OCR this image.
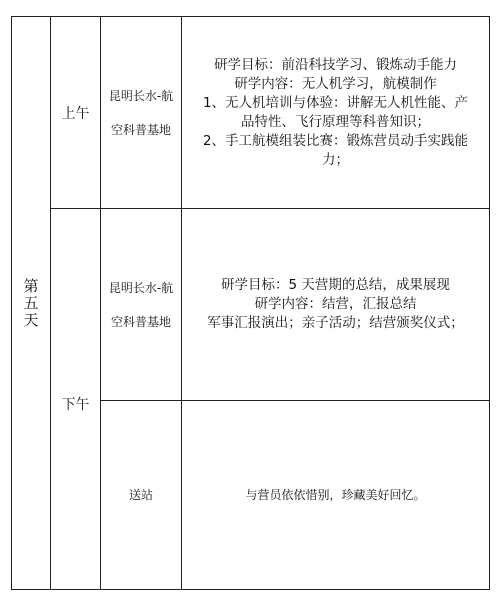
第五天
上午
昆明长水-航
空科普基地
研学目标：前沿科技学习、锻炼动手能力
研学内容：无人机学习，航模制作
1、无人机培训与体验：讲解无人机性能、产
品特性、飞行原理等科普知识；
2、手工航模组装比赛：锻炼营员动手实践能
力；
下午
昆明长水-航
空科普基地
研学目标：5 天营期的总结，成果展现
研学内容：结营，汇报总结
军事汇报演出；亲子活动；结营颁奖仪式；
送站	与营员依依惜别，珍藏美好回忆。
